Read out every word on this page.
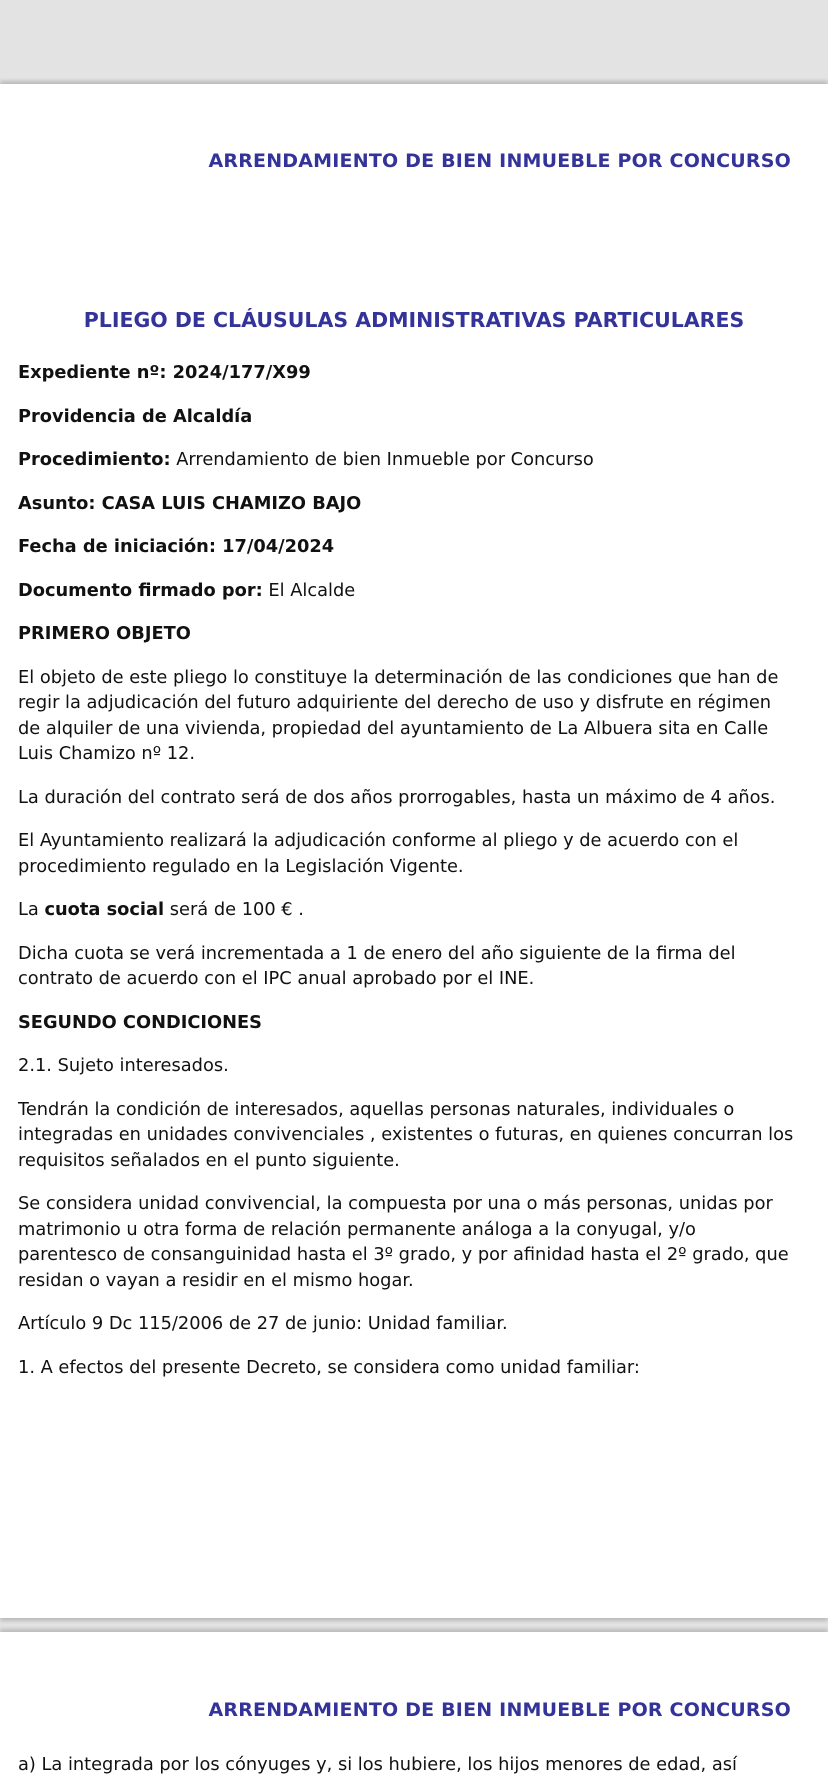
ARRENDAMIENTO DE BIEN INMUEBLE POR CONCURSO
PLIEGO DE CLÁUSULAS ADMINISTRATIVAS PARTICULARES

Expediente nº: 2024/177/X99

Providencia de Alcaldía

Procedimiento: Arrendamiento de bien Inmueble por Concurso

Asunto: CASA LUIS CHAMIZO BAJO

Fecha de iniciación: 17/04/2024

Documento firmado por: El Alcalde

PRIMERO OBJETO

El objeto de este pliego lo constituye la determinación de las condiciones que han de regir la adjudicación del futuro adquiriente del derecho de uso y disfrute en régimen de alquiler de una vivienda, propiedad del ayuntamiento de La Albuera sita en Calle Luis Chamizo nº 12.

La duración del contrato será de dos años prorrogables, hasta un máximo de 4 años.

El Ayuntamiento realizará la adjudicación conforme al pliego y de acuerdo con el procedimiento regulado en la Legislación Vigente.

La cuota social será de 100 € .

Dicha cuota se verá incrementada a 1 de enero del año siguiente de la firma del contrato de acuerdo con el IPC anual aprobado por el INE.

SEGUNDO CONDICIONES

2.1. Sujeto interesados.

Tendrán la condición de interesados, aquellas personas naturales, individuales o integradas en unidades convivenciales , existentes o futuras, en quienes concurran los requisitos señalados en el punto siguiente.

Se considera unidad convivencial, la compuesta por una o más personas, unidas por matrimonio u otra forma de relación permanente análoga a la conyugal, y/o parentesco de consanguinidad hasta el 3º grado, y por afinidad hasta el 2º grado, que residan o vayan a residir en el mismo hogar.

Artículo 9 Dc 115/2006 de 27 de junio: Unidad familiar.

1. A efectos del presente Decreto, se considera como unidad familiar:

ARRENDAMIENTO DE BIEN INMUEBLE POR CONCURSO
a) La integrada por los cónyuges y, si los hubiere, los hijos menores de edad, así
